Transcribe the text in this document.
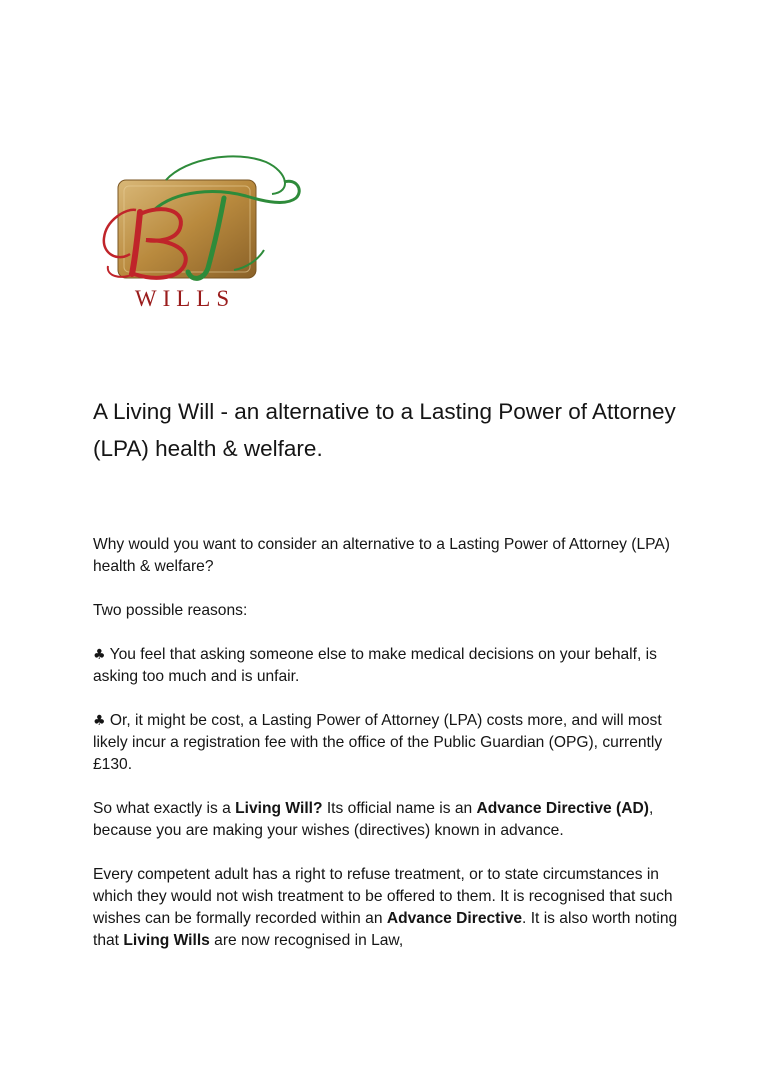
WILLS
A Living Will - an alternative to a Lasting Power of Attorney (LPA) health & welfare.

Why would you want to consider an alternative to a Lasting Power of Attorney (LPA) health & welfare?

Two possible reasons:

♣ You feel that asking someone else to make medical decisions on your behalf, is asking too much and is unfair.

♣ Or, it might be cost, a Lasting Power of Attorney (LPA) costs more, and will most likely incur a registration fee with the office of the Public Guardian (OPG), currently £130.

So what exactly is a Living Will? Its official name is an Advance Directive (AD), because you are making your wishes (directives) known in advance.

Every competent adult has a right to refuse treatment, or to state circumstances in which they would not wish treatment to be offered to them. It is recognised that such wishes can be formally recorded within an Advance Directive. It is also worth noting that Living Wills are now recognised in Law,
